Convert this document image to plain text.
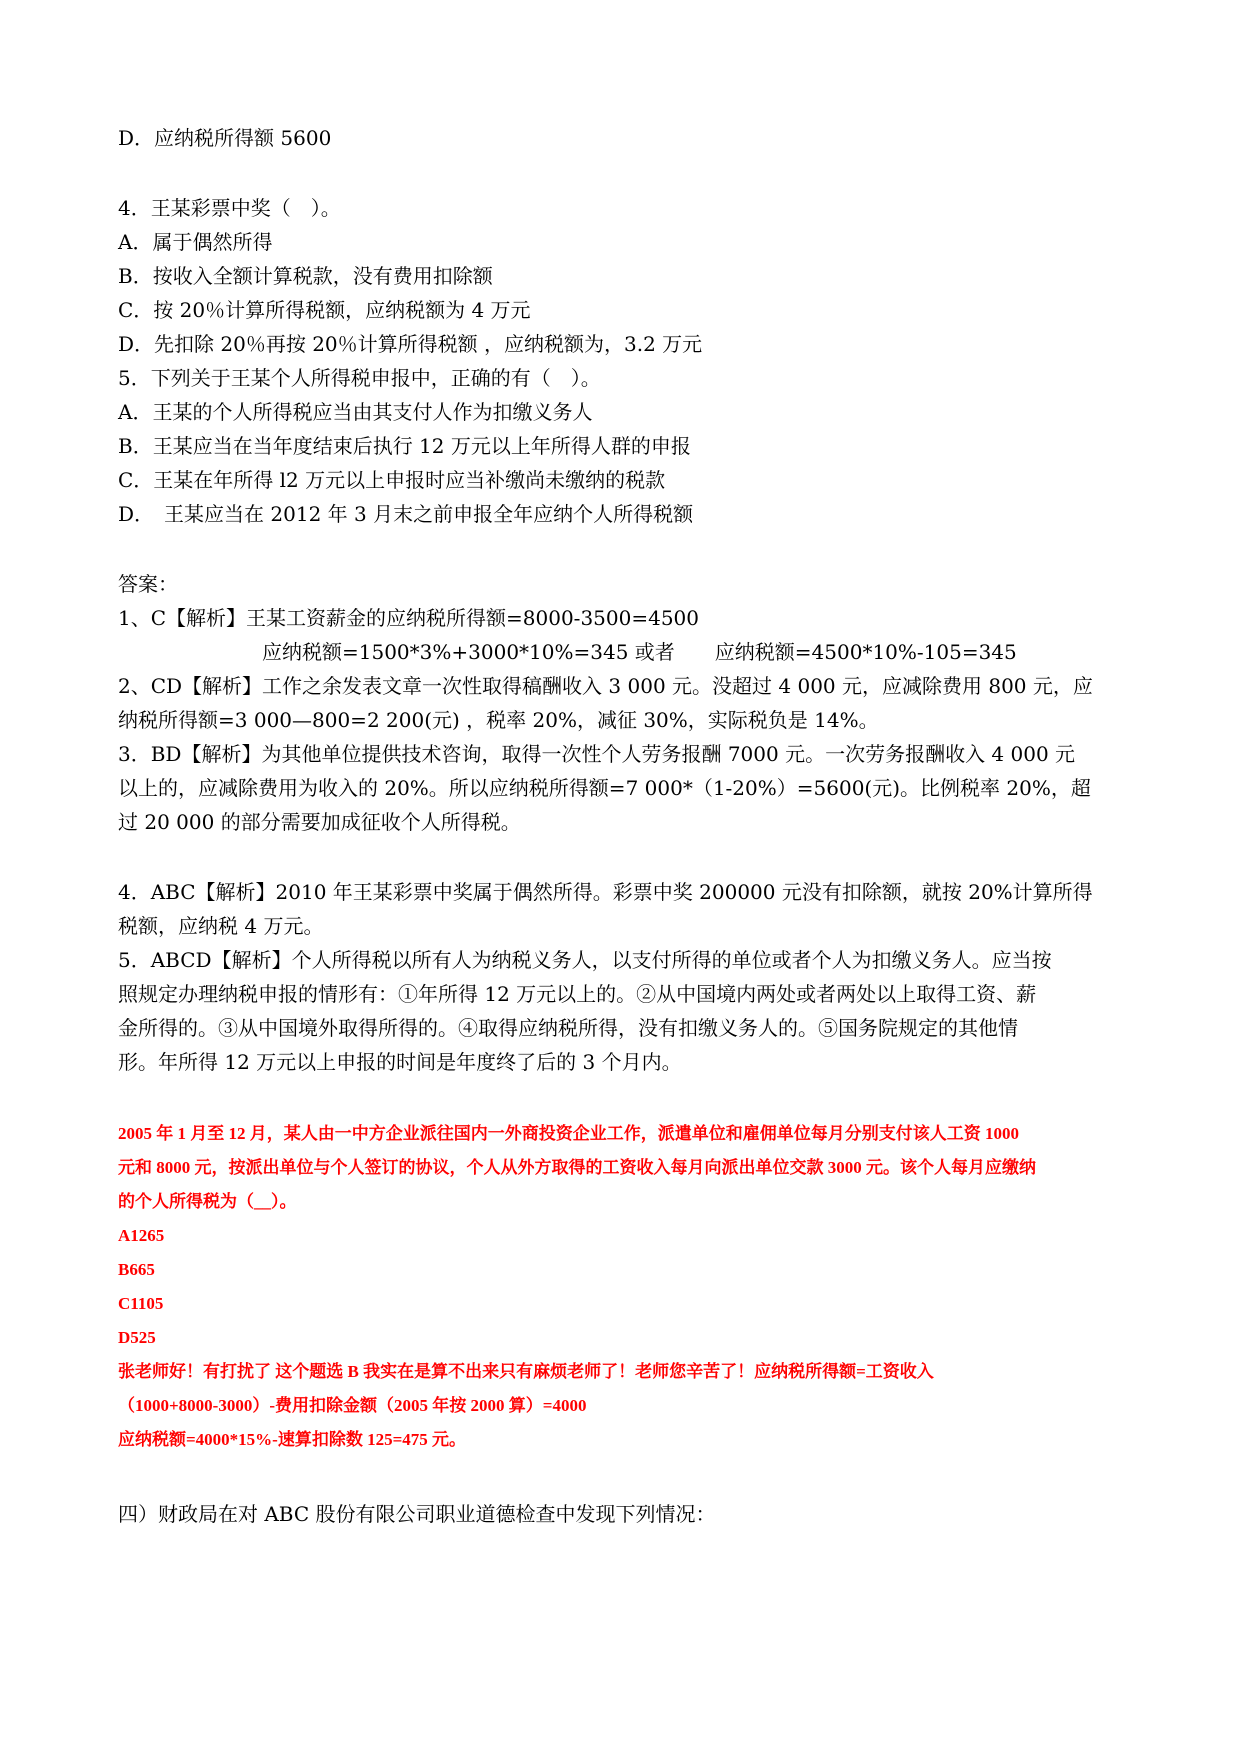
D．应纳税所得额 5600
4．王某彩票中奖（　）。
A．属于偶然所得
B．按收入全额计算税款，没有费用扣除额
C．按 20％计算所得税额，应纳税额为 4 万元
D．先扣除 20％再按 20％计算所得税额 ，应纳税额为，3.2 万元
5．下列关于王某个人所得税申报中，正确的有（　）。
A．王某的个人所得税应当由其支付人作为扣缴义务人
B．王某应当在当年度结束后执行 12 万元以上年所得人群的申报
C．王某在年所得 l2 万元以上申报时应当补缴尚未缴纳的税款
D．　王某应当在 2012 年 3 月末之前申报全年应纳个人所得税额
答案：
1、C【解析】王某工资薪金的应纳税所得额=8000-3500=4500
应纳税额=1500*3%+3000*10%=345 或者　　应纳税额=4500*10%-105=345
2、CD【解析】工作之余发表文章一次性取得稿酬收入 3 000 元。没超过 4 000 元，应减除费用 800 元，应
纳税所得额=3 000—800=2 200(元) ，税率 20%，减征 30%，实际税负是 14%。
3．BD【解析】为其他单位提供技术咨询，取得一次性个人劳务报酬 7000 元。一次劳务报酬收入 4 000 元
以上的，应减除费用为收入的 20%。所以应纳税所得额=7 000*（1-20%）=5600(元)。比例税率 20%，超
过 20 000 的部分需要加成征收个人所得税。
4．ABC【解析】2010 年王某彩票中奖属于偶然所得。彩票中奖 200000 元没有扣除额，就按 20%计算所得
税额，应纳税 4 万元。
5．ABCD【解析】个人所得税以所有人为纳税义务人，以支付所得的单位或者个人为扣缴义务人。应当按
照规定办理纳税申报的情形有：①年所得 12 万元以上的。②从中国境内两处或者两处以上取得工资、薪
金所得的。③从中国境外取得所得的。④取得应纳税所得，没有扣缴义务人的。⑤国务院规定的其他情
形。年所得 12 万元以上申报的时间是年度终了后的 3 个月内。
2005 年 1 月至 12 月，某人由一中方企业派往国内一外商投资企业工作，派遣单位和雇佣单位每月分别支付该人工资 1000
元和 8000 元，按派出单位与个人签订的协议，个人从外方取得的工资收入每月向派出单位交款 3000 元。该个人每月应缴纳
的个人所得税为（__）。
A1265
B665
C1105
D525
张老师好！有打扰了 这个题选 B 我实在是算不出来只有麻烦老师了！老师您辛苦了！应纳税所得额=工资收入
（1000+8000-3000）-费用扣除金额（2005 年按 2000 算）=4000
应纳税额=4000*15%-速算扣除数 125=475 元。
四）财政局在对 ABC 股份有限公司职业道德检查中发现下列情况：
